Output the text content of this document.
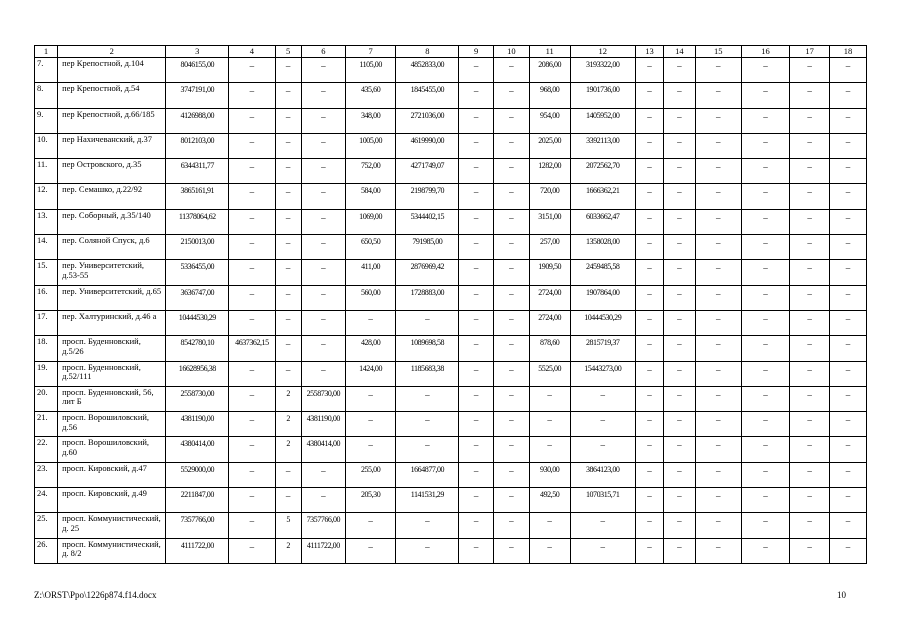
1	2	3	4	5	6	7	8	9	10	11	12	13	14	15	16	17	18
7.	пер Крепостной, д.104	8046155,00	–	–	–	1105,00	4852833,00	–	–	2086,00	3193322,00	–	–	–	–	–	–
8.	пер Крепостной, д.54	3747191,00	–	–	–	435,60	1845455,00	–	–	968,00	1901736,00	–	–	–	–	–	–
9.	пер Крепостной, д.66/185	4126988,00	–	–	–	348,00	2721036,00	–	–	954,00	1405952,00	–	–	–	–	–	–
10.	пер Нахичеванский, д.37	8012103,00	–	–	–	1005,00	4619990,00	–	–	2025,00	3392113,00	–	–	–	–	–	–
11.	пер Островского, д.35	6344311,77	–	–	–	752,00	4271749,07	–	–	1282,00	2072562,70	–	–	–	–	–	–
12.	пер. Семашко, д.22/92	3865161,91	–	–	–	584,00	2198799,70	–	–	720,00	1666362,21	–	–	–	–	–	–
13.	пер. Соборный, д.35/140	11378064,62	–	–	–	1069,00	5344402,15	–	–	3151,00	6033662,47	–	–	–	–	–	–
14.	пер. Соляной Спуск, д.6	2150013,00	–	–	–	650,50	791985,00	–	–	257,00	1358028,00	–	–	–	–	–	–
15.	пер. Университетский, д.53-55	5336455,00	–	–	–	411,00	2876969,42	–	–	1909,50	2459485,58	–	–	–	–	–	–
16.	пер. Университетский, д.65	3636747,00	–	–	–	560,00	1728883,00	–	–	2724,00	1907864,00	–	–	–	–	–	–
17.	пер. Халтуринский, д.46 а	10444530,29	–	–	–	–	–	–	–	2724,00	10444530,29	–	–	–	–	–	–
18.	просп. Буденновский, д.5/26	8542780,10	4637362,15	–	–	428,00	1089698,58	–	–	878,60	2815719,37	–	–	–	–	–	–
19.	просп. Буденновский, д.52/111	16628956,38	–	–	–	1424,00	1185683,38	–	–	5525,00	15443273,00	–	–	–	–	–	–
20.	просп. Буденновский, 56, лит Б	2558730,00	–	2	2558730,00	–	–	–	–	–	–	–	–	–	–	–	–
21.	просп. Ворошиловский, д.56	4381190,00	–	2	4381190,00	–	–	–	–	–	–	–	–	–	–	–	–
22.	просп. Ворошиловский, д.60	4380414,00	–	2	4380414,00	–	–	–	–	–	–	–	–	–	–	–	–
23.	просп. Кировский, д.47	5529000,00	–	–	–	255,00	1664877,00	–	–	930,00	3864123,00	–	–	–	–	–	–
24.	просп. Кировский, д.49	2211847,00	–	–	–	205,30	1141531,29	–	–	492,50	1070315,71	–	–	–	–	–	–
25.	просп. Коммунистический, д. 25	7357766,00	–	5	7357766,00	–	–	–	–	–	–	–	–	–	–	–	–
26.	просп. Коммунистический, д. 8/2	4111722,00	–	2	4111722,00	–	–	–	–	–	–	–	–	–	–	–	–
Z:\ORST\Ppo\1226p874.f14.docx	10
